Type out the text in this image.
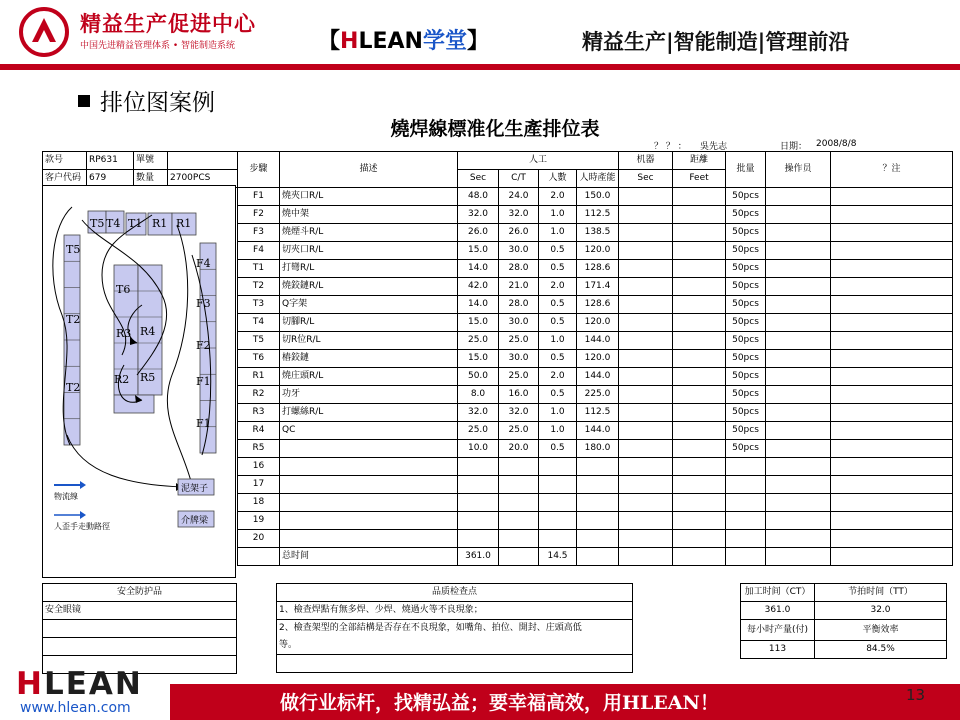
精益生产促进中心
中国先进精益管理体系 • 智能制造系统	【HLEAN学堂】	精益生产|智能制造|管理前沿
排位图案例
燒焊線標准化生產排位表
？ ？ ： 吳先志	日期： 2008/8/8
款号	RP631	單號		步驟	描述	人工				机器	距離	批量	操作员	？注
客户代码	679	數量	2700PCS			Sec	C/T	人數	人時產能	Sec	Feet			
				F1	燒夾口R/L	48.0	24.0	2.0	150.0			50pcs		
				F2	燒中架	32.0	32.0	1.0	112.5			50pcs		
				F3	燒煙斗R/L	26.0	26.0	1.0	138.5			50pcs		
				F4	切夾口R/L	15.0	30.0	0.5	120.0			50pcs		
				T1	打彎R/L	14.0	28.0	0.5	128.6			50pcs		
				T2	燒鉸鏈R/L	42.0	21.0	2.0	171.4			50pcs		
				T3	Q字架	14.0	28.0	0.5	128.6			50pcs		
				T4	切腳R/L	15.0	30.0	0.5	120.0			50pcs		
				T5	切R位R/L	25.0	25.0	1.0	144.0			50pcs		
				T6	樁鉸鏈	15.0	30.0	0.5	120.0			50pcs		
				R1	燒庄頭R/L	50.0	25.0	2.0	144.0			50pcs		
				R2	功牙	8.0	16.0	0.5	225.0			50pcs		
				R3	打螺絲R/L	32.0	32.0	1.0	112.5			50pcs		
				R4	QC	25.0	25.0	1.0	144.0			50pcs		
				R5		10.0	20.0	0.5	180.0			50pcs		
				16										
				17										
				18										
				19										
				20										
					总时间	361.0		14.5						
T5 T4 T1 R1 R1
T5
T2
T2
T6
R3 R4
R2 R5
F4
F3
F2
F1
F1
物流線
人歪手走動路徑
泥架子
介牌梁
安全防护品
安全眼镜

品质检查点
1、檢查焊點有無多焊、少焊、燒過火等不良現象；
2、檢查架型的全部結構是否存在不良現象，如嘴角、拍位、開封、庄頭高低
等。

加工时间（CT）	节拍时间（TT）
361.0	32.0
每小时产量(付)	平衡效率
113	84.5%
HLEAN
www.hlean.com	做行业标杆，找精弘益；要幸福高效，用HLEAN！	13
